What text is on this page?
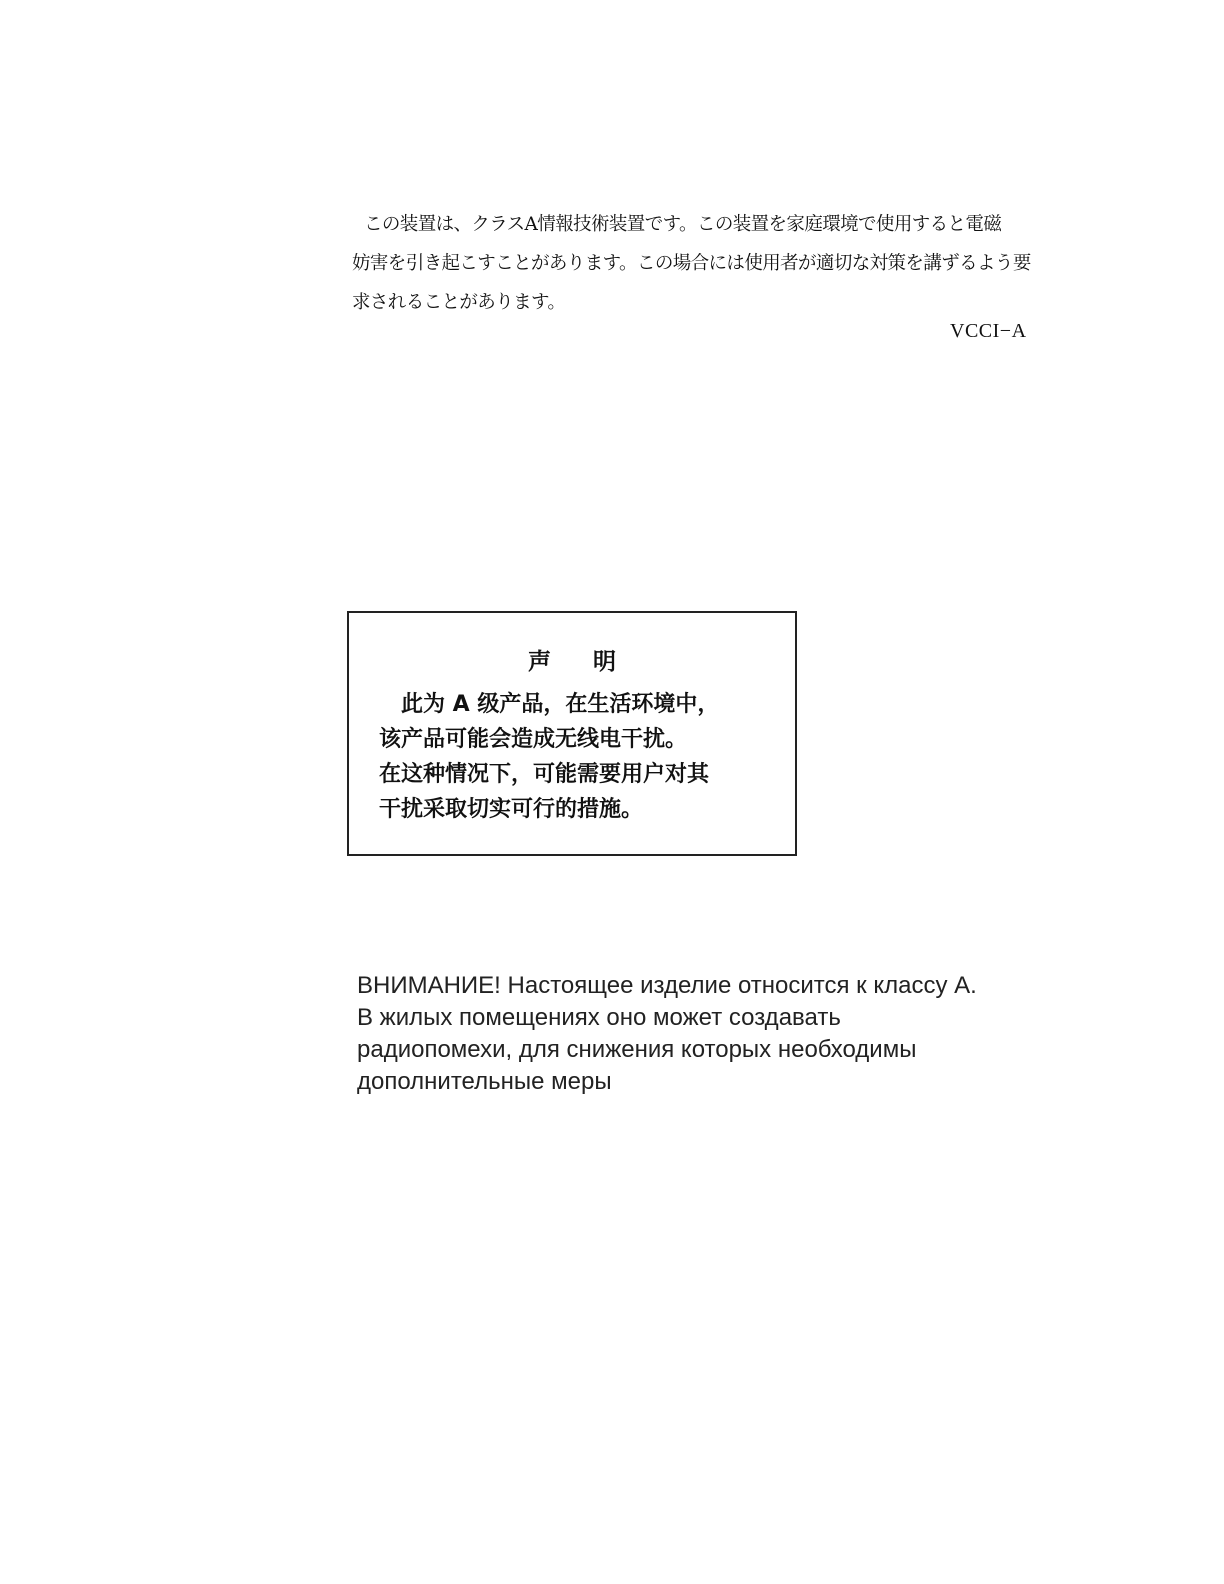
この装置は、クラスA情報技術装置です。この装置を家庭環境で使用すると電磁
妨害を引き起こすことがあります。この場合には使用者が適切な対策を講ずるよう要
求されることがあります。
VCCI−A
声明
此为 A 级产品，在生活环境中，
该产品可能会造成无线电干扰。
在这种情况下，可能需要用户对其
干扰采取切实可行的措施。
ВНИМАНИЕ! Настоящее изделие относится к классу А.
В жилых помещениях оно может создавать
радиопомехи, для снижения которых необходимы
дополнительные меры
